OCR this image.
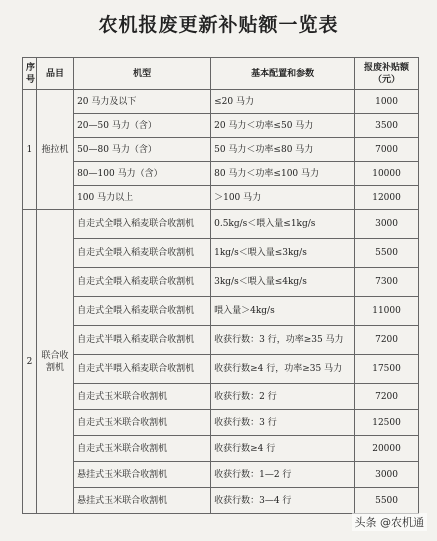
农机报废更新补贴额一览表
序号	品目	机型	基本配置和参数	报废补贴额（元）
1	拖拉机	20 马力及以下	≤20 马力	1000
		20—50 马力（含）	20 马力＜功率≤50 马力	3500
		50—80 马力（含）	50 马力＜功率≤80 马力	7000
		80—100 马力（含）	80 马力＜功率≤100 马力	10000
		100 马力以上	＞100 马力	12000
2	联合收割机	自走式全喂入稻麦联合收割机	0.5kg/s＜喂入量≤1kg/s	3000
		自走式全喂入稻麦联合收割机	1kg/s＜喂入量≤3kg/s	5500
		自走式全喂入稻麦联合收割机	3kg/s＜喂入量≤4kg/s	7300
		自走式全喂入稻麦联合收割机	喂入量＞4kg/s	11000
		自走式半喂入稻麦联合收割机	收获行数：3 行，功率≥35 马力	7200
		自走式半喂入稻麦联合收割机	收获行数≥4 行，功率≥35 马力	17500
		自走式玉米联合收割机	收获行数：2 行	7200
		自走式玉米联合收割机	收获行数：3 行	12500
		自走式玉米联合收割机	收获行数≥4 行	20000
		悬挂式玉米联合收割机	收获行数：1—2 行	3000
		悬挂式玉米联合收割机	收获行数：3—4 行	5500
头条 @农机通
